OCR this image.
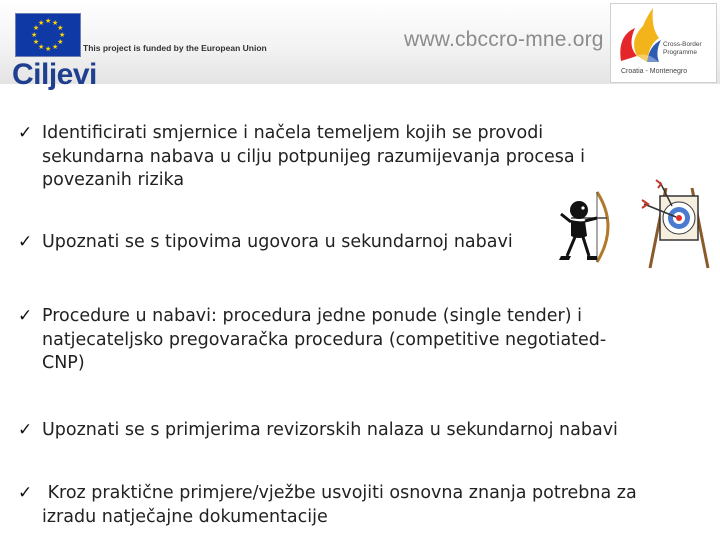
★ ★
★
★
★
★
★
★
★
★
★
★
This project is funded by the European Union	www.cbccro-mne.org	Cross-Border
Programme
Croatia - Montenegro
Ciljevi
✓ Identificirati smjernice i načela temeljem kojih se provodi
sekundarna nabava u cilju potpunijeg razumijevanja procesa i
povezanih rizika
✓ Upoznati se s tipovima ugovora u sekundarnoj nabavi
✓ Procedure u nabavi: procedura jedne ponude (single tender) i
natjecateljsko pregovaračka procedura (competitive negotiated-
CNP)
✓ Upoznati se s primjerima revizorskih nalaza u sekundarnoj nabavi
✓ Kroz praktične primjere/vježbe usvojiti osnovna znanja potrebna za
izradu natječajne dokumentacije
